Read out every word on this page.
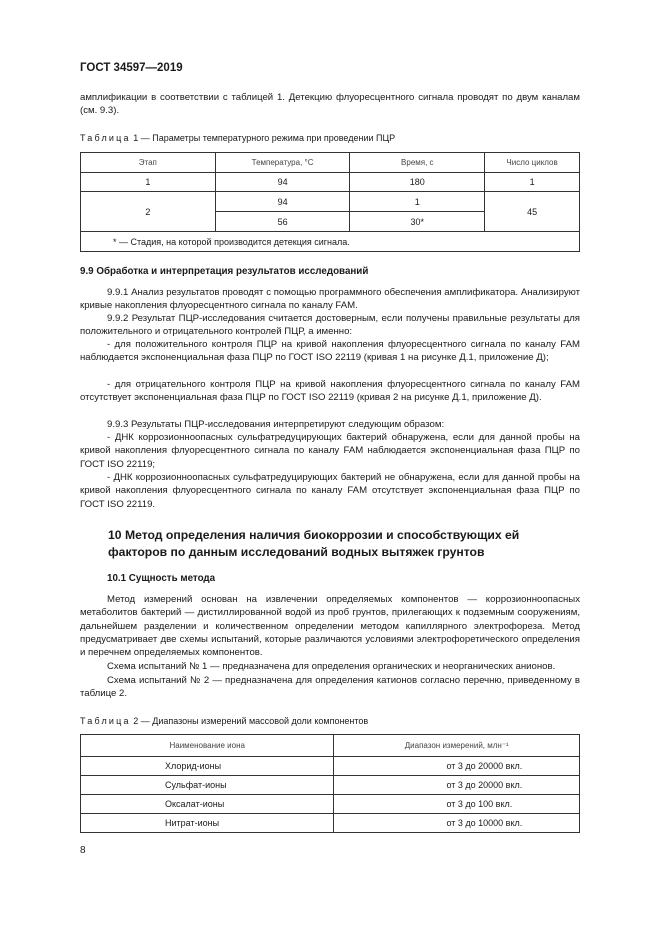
ГОСТ 34597—2019
амплификации в соответствии с таблицей 1. Детекцию флуоресцентного сигнала проводят по двум каналам (см. 9.3).
Таблица 1 — Параметры температурного режима при проведении ПЦР
Этап	Температура, °С	Время, с	Число циклов
1	94	180	1
2	94	1	45
	56	30*	
* — Стадия, на которой производится детекция сигнала.			
9.9 Обработка и интерпретация результатов исследований
9.9.1 Анализ результатов проводят с помощью программного обеспечения амплификатора. Анализируют кривые накопления флуоресцентного сигнала по каналу FAM.
9.9.2 Результат ПЦР-исследования считается достоверным, если получены правильные результаты для положительного и отрицательного контролей ПЦР, а именно:
- для положительного контроля ПЦР на кривой накопления флуоресцентного сигнала по каналу FAM наблюдается экспоненциальная фаза ПЦР по ГОСТ ISO 22119 (кривая 1 на рисунке Д.1, приложение Д);
- для отрицательного контроля ПЦР на кривой накопления флуоресцентного сигнала по каналу FAM отсутствует экспоненциальная фаза ПЦР по ГОСТ ISO 22119 (кривая 2 на рисунке Д.1, приложение Д).
9.9.3 Результаты ПЦР-исследования интерпретируют следующим образом:
- ДНК коррозионноопасных сульфатредуцирующих бактерий обнаружена, если для данной пробы на кривой накопления флуоресцентного сигнала по каналу FAM наблюдается экспоненциальная фаза ПЦР по ГОСТ ISO 22119;
- ДНК коррозионноопасных сульфатредуцирующих бактерий не обнаружена, если для данной пробы на кривой накопления флуоресцентного сигнала по каналу FAM отсутствует экспоненциальная фаза ПЦР по ГОСТ ISO 22119.
10 Метод определения наличия биокоррозии и способствующих ей факторов по данным исследований водных вытяжек грунтов
10.1 Сущность метода
Метод измерений основан на извлечении определяемых компонентов — коррозионноопасных метаболитов бактерий — дистиллированной водой из проб грунтов, прилегающих к подземным сооружениям, дальнейшем разделении и количественном определении методом капиллярного электрофореза. Метод предусматривает две схемы испытаний, которые различаются условиями электрофоретического определения и перечнем определяемых компонентов.
Схема испытаний № 1 — предназначена для определения органических и неорганических анионов.
Схема испытаний № 2 — предназначена для определения катионов согласно перечню, приведенному в таблице 2.
Таблица 2 — Диапазоны измерений массовой доли компонентов
Наименование иона	Диапазон измерений, млн⁻¹
Хлорид-ионы	от 3 до 20000 вкл.
Сульфат-ионы	от 3 до 20000 вкл.
Оксалат-ионы	от 3 до 100 вкл.
Нитрат-ионы	от 3 до 10000 вкл.
8
